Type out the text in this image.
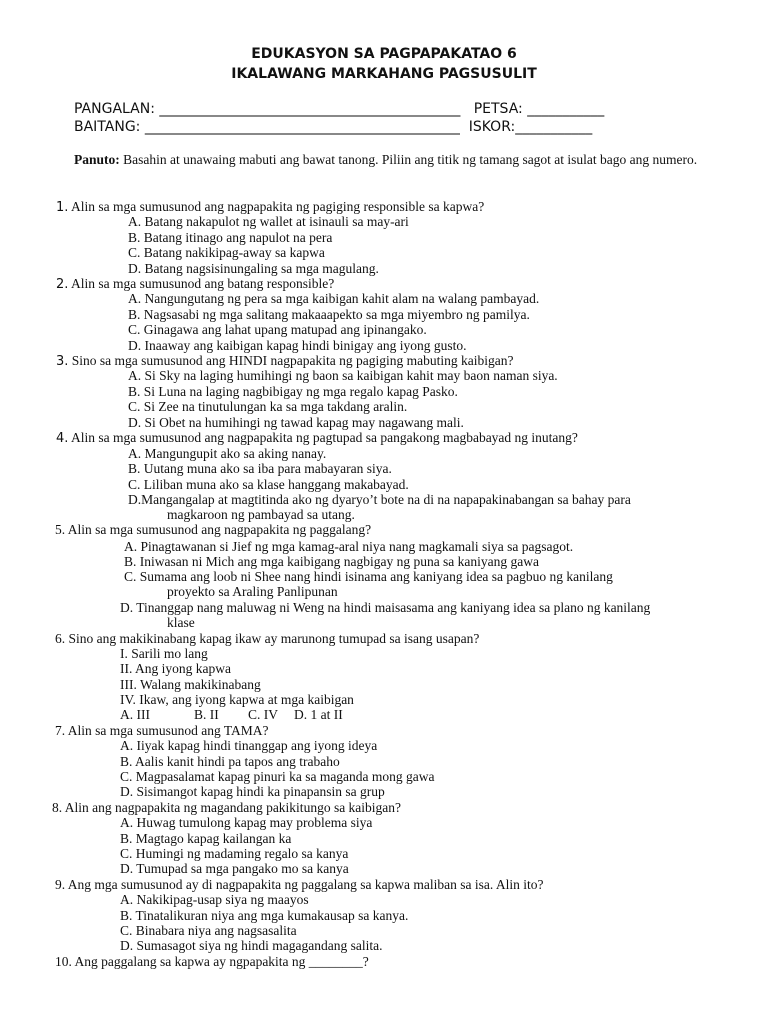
EDUKASYON SA PAGPAPAKATAO 6
IKALAWANG MARKAHANG PAGSUSULIT
PANGALAN: ___________________________________________   PETSA: ___________
BAITANG: _____________________________________________  ISKOR:___________
Panuto: Basahin at unawaing mabuti ang bawat tanong. Piliin ang titik ng tamang sagot at isulat bago ang numero.
1. Alin sa mga sumusunod ang nagpapakita ng pagiging responsible sa kapwa?
A. Batang nakapulot ng wallet at isinauli sa may-ari
B. Batang itinago ang napulot na pera
C. Batang nakikipag-away sa kapwa
D. Batang nagsisinungaling sa mga magulang.
2. Alin sa mga sumusunod ang batang responsible?
A. Nangungutang ng pera sa mga kaibigan kahit alam na walang pambayad.
B. Nagsasabi ng mga salitang makaaapekto sa mga miyembro ng pamilya.
C. Ginagawa ang lahat upang matupad ang ipinangako.
D. Inaaway ang kaibigan kapag hindi binigay ang iyong gusto.
3. Sino sa mga sumusunod ang HINDI nagpapakita ng pagiging mabuting kaibigan?
A. Si Sky na laging humihingi ng baon sa kaibigan kahit may baon naman siya.
B. Si Luna na laging nagbibigay ng mga regalo kapag Pasko.
C. Si Zee na tinutulungan ka sa mga takdang aralin.
D. Si Obet na humihingi ng tawad kapag may nagawang mali.
4. Alin sa mga sumusunod ang nagpapakita ng pagtupad sa pangakong magbabayad ng inutang?
A. Mangungupit ako sa aking nanay.
B. Uutang muna ako sa iba para mabayaran siya.
C. Liliban muna ako sa klase hanggang makabayad.
D.Mangangalap at magtitinda ako ng dyaryo’t bote na di na napapakinabangan sa bahay para
magkaroon ng pambayad sa utang.
5. Alin sa mga sumusunod ang nagpapakita ng paggalang?
A. Pinagtawanan si Jief ng mga kamag-aral niya nang magkamali siya sa pagsagot.
B. Iniwasan ni Mich ang mga kaibigang nagbigay ng puna sa kaniyang gawa
C. Sumama ang loob ni Shee nang hindi isinama ang kaniyang idea sa pagbuo ng kanilang
proyekto sa Araling Panlipunan
D. Tinanggap nang maluwag ni Weng na hindi maisasama ang kaniyang idea sa plano ng kanilang
klase
6. Sino ang makikinabang kapag ikaw ay marunong tumupad sa isang usapan?
I. Sarili mo lang
II. Ang iyong kapwa
III. Walang makikinabang
IV. Ikaw, ang iyong kapwa at mga kaibigan
A. III	B. II C. IV D. 1 at II
7. Alin sa mga sumusunod ang TAMA?
A. Iiyak kapag hindi tinanggap ang iyong ideya
B. Aalis kanit hindi pa tapos ang trabaho
C. Magpasalamat kapag pinuri ka sa maganda mong gawa
D. Sisimangot kapag hindi ka pinapansin sa grup
8. Alin ang nagpapakita ng magandang pakikitungo sa kaibigan?
A. Huwag tumulong kapag may problema siya
B. Magtago kapag kailangan ka
C. Humingi ng madaming regalo sa kanya
D. Tumupad sa mga pangako mo sa kanya
9. Ang mga sumusunod ay di nagpapakita ng paggalang sa kapwa maliban sa isa. Alin ito?
A. Nakikipag-usap siya ng maayos
B. Tinatalikuran niya ang mga kumakausap sa kanya.
C. Binabara niya ang nagsasalita
D. Sumasagot siya ng hindi magagandang salita.
10. Ang paggalang sa kapwa ay ngpapakita ng ________?
